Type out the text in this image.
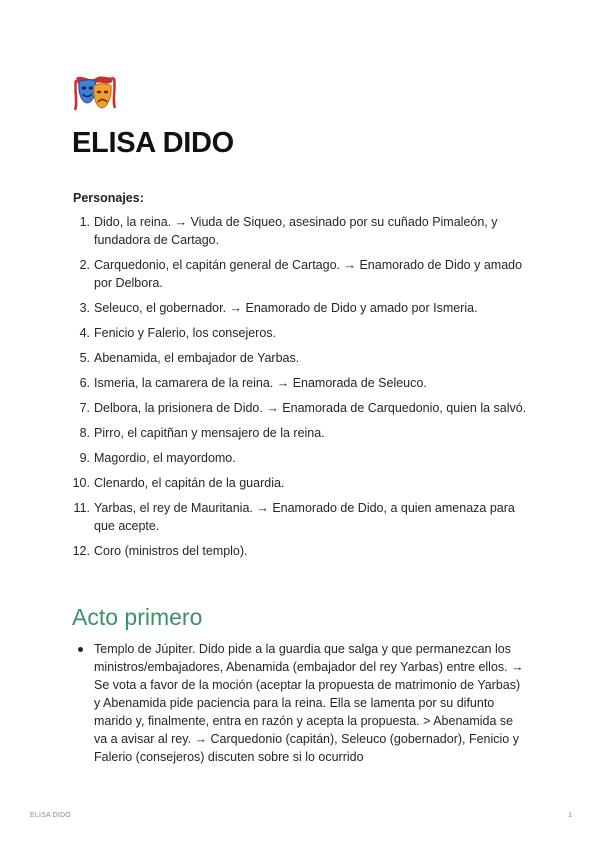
ELISA DIDO
Personajes:
1. Dido, la reina. → Viuda de Siqueo, asesinado por su cuñado Pimaleón, y fundadora de Cartago.
2. Carquedonio, el capitán general de Cartago. → Enamorado de Dido y amado por Delbora.
3. Seleuco, el gobernador. → Enamorado de Dido y amado por Ismeria.
4. Fenicio y Falerio, los consejeros.
5. Abenamida, el embajador de Yarbas.
6. Ismeria, la camarera de la reina. → Enamorada de Seleuco.
7. Delbora, la prisionera de Dido. → Enamorada de Carquedonio, quien la salvó.
8. Pirro, el capitñan y mensajero de la reina.
9. Magordio, el mayordomo.
10. Clenardo, el capitán de la guardia.
11. Yarbas, el rey de Mauritania. → Enamorado de Dido, a quien amenaza para que acepte.
12. Coro (ministros del templo).
Acto primero
Templo de Júpiter. Dido pide a la guardia que salga y que permanezcan los ministros/embajadores, Abenamida (embajador del rey Yarbas) entre ellos. → Se vota a favor de la moción (aceptar la propuesta de matrimonio de Yarbas) y Abenamida pide paciencia para la reina. Ella se lamenta por su difunto marido y, finalmente, entra en razón y acepta la propuesta. > Abenamida se va a avisar al rey. → Carquedonio (capitán), Seleuco (gobernador), Fenicio y Falerio (consejeros) discuten sobre si lo ocurrido
ELISA DIDO	1
